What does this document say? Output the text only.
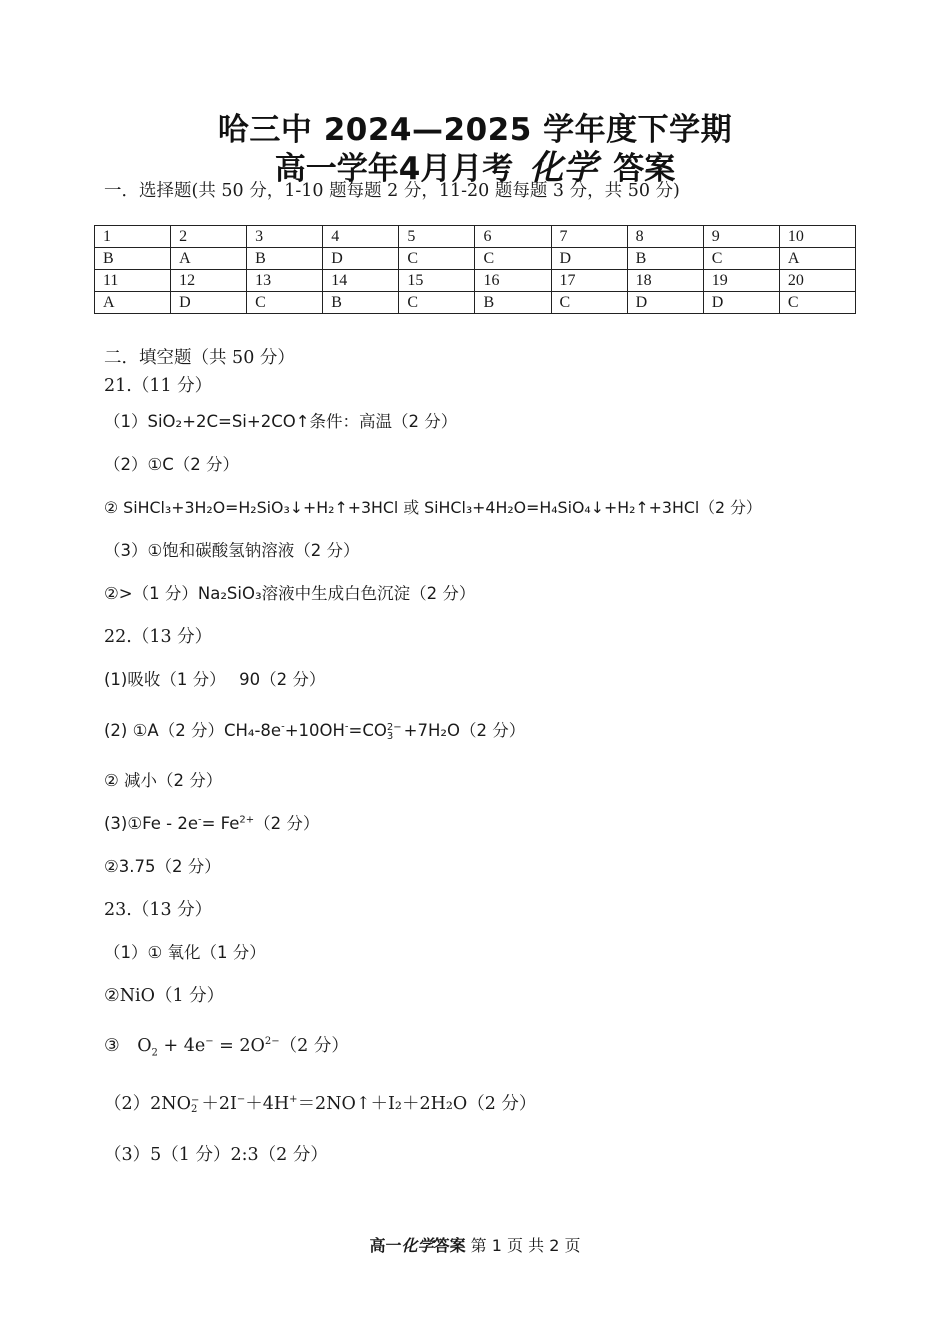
哈三中 2024—2025 学年度下学期
高一学年4月月考 化学 答案
一．选择题(共 50 分，1-10 题每题 2 分，11-20 题每题 3 分，共 50 分)
1	2	3	4	5	6	7	8	9	10
B	A	B	D	C	C	D	B	C	A
11	12	13	14	15	16	17	18	19	20
A	D	C	B	C	B	C	D	D	C
二．填空题（共 50 分）
21.（11 分）
（1）SiO₂+2C=Si+2CO↑条件：高温（2 分）
（2）①C（2 分）
② SiHCl₃+3H₂O=H₂SiO₃↓+H₂↑+3HCl 或 SiHCl₃+4H₂O=H₄SiO₄↓+H₂↑+3HCl（2 分）
（3）①饱和碳酸氢钠溶液（2 分）
②>（1 分）Na₂SiO₃溶液中生成白色沉淀（2 分）
22.（13 分）
(1)吸收（1 分）　 90（2 分）
(2) ①A（2 分）CH₄-8e-+10OH-=CO2−
3 +7H₂O（2 分）
② 减小（2 分）
(3)①Fe - $2e^-= Fe^{2+}(2$ 分）
②3.75（2 分）
23.（13 分）
（1）① 氧化（1 分）
②NiO（1 分）
③　$O_2 + 4e^- = 2O^{2-}(2$ 分）
（2）2NO−
2 ＋2I−＋4H+＝2NO↑＋I₂＋2H₂O（2 分）
（3）5（1 分）2:3（2 分）
高一化学答案 第 1 页 共 2 页
